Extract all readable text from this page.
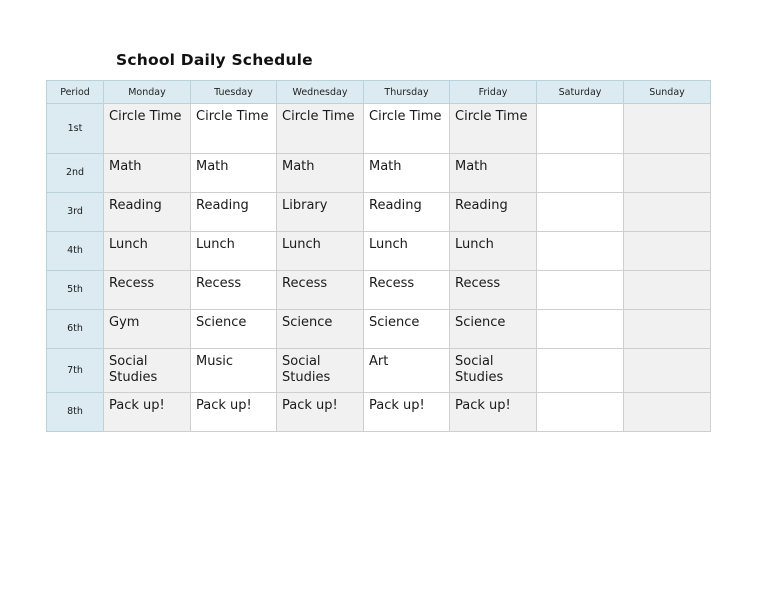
School Daily Schedule
Period	Monday	Tuesday	Wednesday	Thursday	Friday	Saturday	Sunday
1st	Circle Time	Circle Time	Circle Time	Circle Time	Circle Time		
2nd	Math	Math	Math	Math	Math		
3rd	Reading	Reading	Library	Reading	Reading		
4th	Lunch	Lunch	Lunch	Lunch	Lunch		
5th	Recess	Recess	Recess	Recess	Recess		
6th	Gym	Science	Science	Science	Science		
7th	Social Studies	Music	Social Studies	Art	Social Studies		
8th	Pack up!	Pack up!	Pack up!	Pack up!	Pack up!		
